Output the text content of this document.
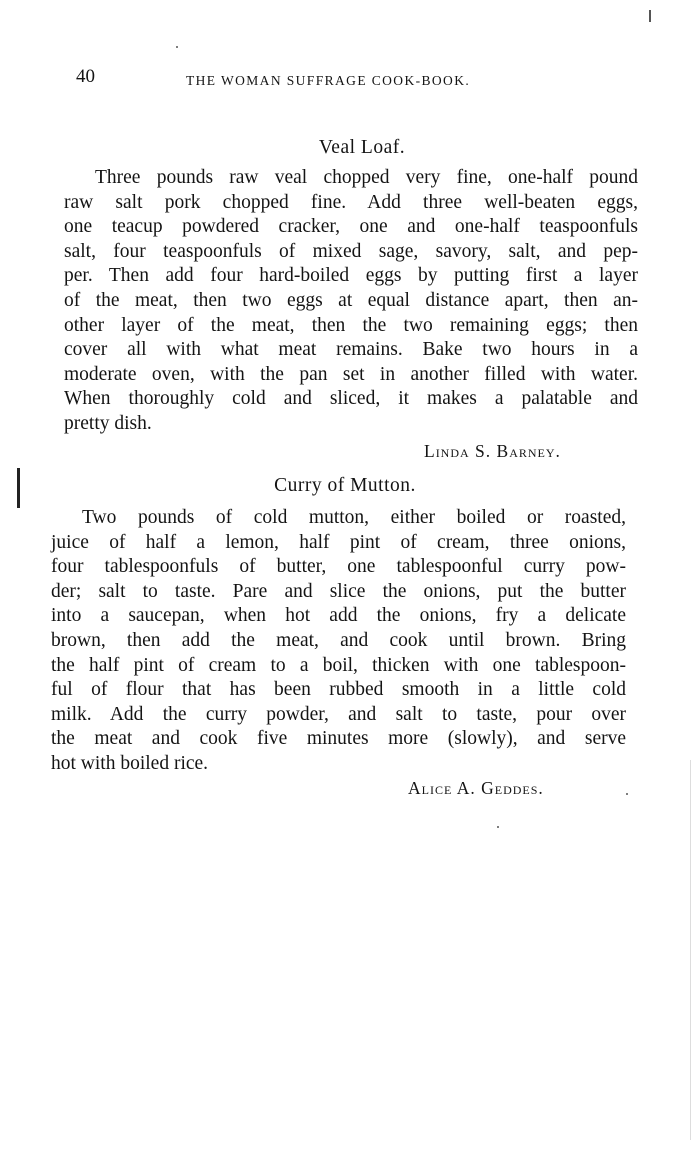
40	THE WOMAN SUFFRAGE COOK-BOOK.
Veal Loaf.
Three pounds raw veal chopped very fine, one-half pound
raw salt pork chopped fine. Add three well-beaten eggs,
one teacup powdered cracker, one and one-half teaspoonfuls
salt, four teaspoonfuls of mixed sage, savory, salt, and pep-
per. Then add four hard-boiled eggs by putting first a layer
of the meat, then two eggs at equal distance apart, then an-
other layer of the meat, then the two remaining eggs; then
cover all with what meat remains. Bake two hours in a
moderate oven, with the pan set in another filled with water.
When thoroughly cold and sliced, it makes a palatable and
pretty dish.
Linda S. Barney.
Curry of Mutton.
Two pounds of cold mutton, either boiled or roasted,
juice of half a lemon, half pint of cream, three onions,
four tablespoonfuls of butter, one tablespoonful curry pow-
der; salt to taste. Pare and slice the onions, put the butter
into a saucepan, when hot add the onions, fry a delicate
brown, then add the meat, and cook until brown. Bring
the half pint of cream to a boil, thicken with one tablespoon-
ful of flour that has been rubbed smooth in a little cold
milk. Add the curry powder, and salt to taste, pour over
the meat and cook five minutes more (slowly), and serve
hot with boiled rice.
Alice A. Geddes.
